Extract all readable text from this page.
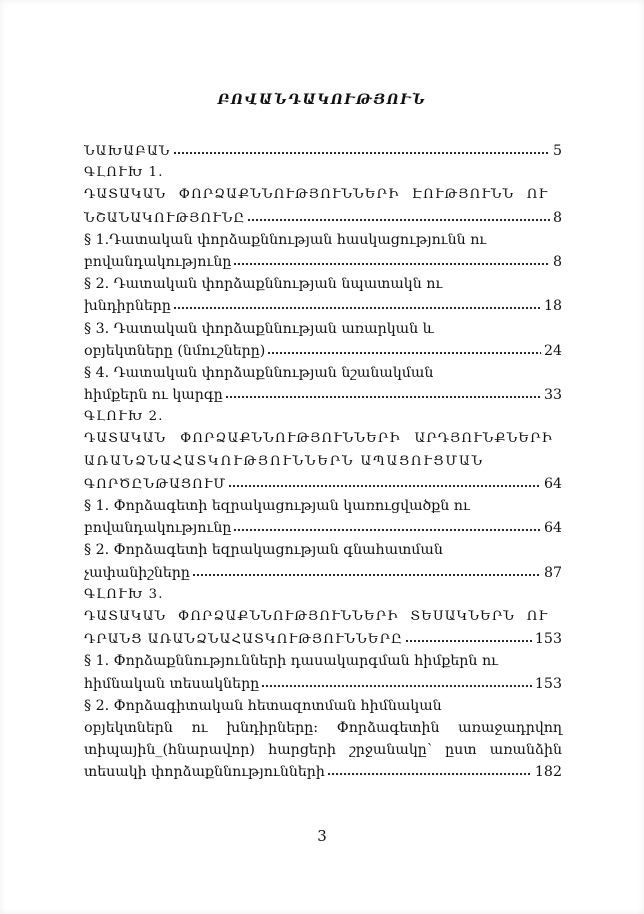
ԲՈՎԱՆԴԱԿՈՒԹՅՈՒՆ
ՆԱԽԱԲԱՆ	5
ԳԼՈՒԽ 1.
ԴԱՏԱԿԱՆ ՓՈՐՁԱՔՆՆՈՒԹՅՈՒՆՆԵՐԻ ԷՈՒԹՅՈՒՆՆ ՈՒ
ՆՇԱՆԱԿՈՒԹՅՈՒՆԸ	8
§ 1.Դատական փորձաքննության հասկացությունն ու
բովանդակությունը	8
§ 2. Դատական փորձաքննության նպատակն ու
խնդիրները	18
§ 3. Դատական փորձաքննության առարկան և
օբյեկտները (նմուշները)	24
§ 4. Դատական փորձաքննության նշանակման
հիմքերն ու կարգը	33
ԳԼՈՒԽ 2.
ԴԱՏԱԿԱՆ ՓՈՐՁԱՔՆՆՈՒԹՅՈՒՆՆԵՐԻ ԱՐԴՅՈՒՆՔՆԵՐԻ
ԱՌԱՆՁՆԱՀԱՏԿՈՒԹՅՈՒՆՆԵՐՆ ԱՊԱՑՈՒՑՄԱՆ
ԳՈՐԾԸՆԹԱՑՈՒՄ	64
§ 1. Փորձագետի եզրակացության կառուցվածքն ու
բովանդակությունը	64
§ 2. Փորձագետի եզրակացության գնահատման
չափանիշները	87
ԳԼՈՒԽ 3.
ԴԱՏԱԿԱՆ ՓՈՐՁԱՔՆՆՈՒԹՅՈՒՆՆԵՐԻ ՏԵՍԱԿՆԵՐՆ ՈՒ
ԴՐԱՆՑ ԱՌԱՆՁՆԱՀԱՏԿՈՒԹՅՈՒՆՆԵՐԸ	153
§ 1. Փորձաքննությունների դասակարգման հիմքերն ու
հիմնական տեսակները	153
§ 2. Փորձագիտական հետազոտման հիմնական
օբյեկտներն ու խնդիրները: Փորձագետին առաջադրվող
տիպային_(հնարավոր) հարցերի շրջանակը՝ ըստ առանձին
տեսակի փորձաքննությունների	182
3
